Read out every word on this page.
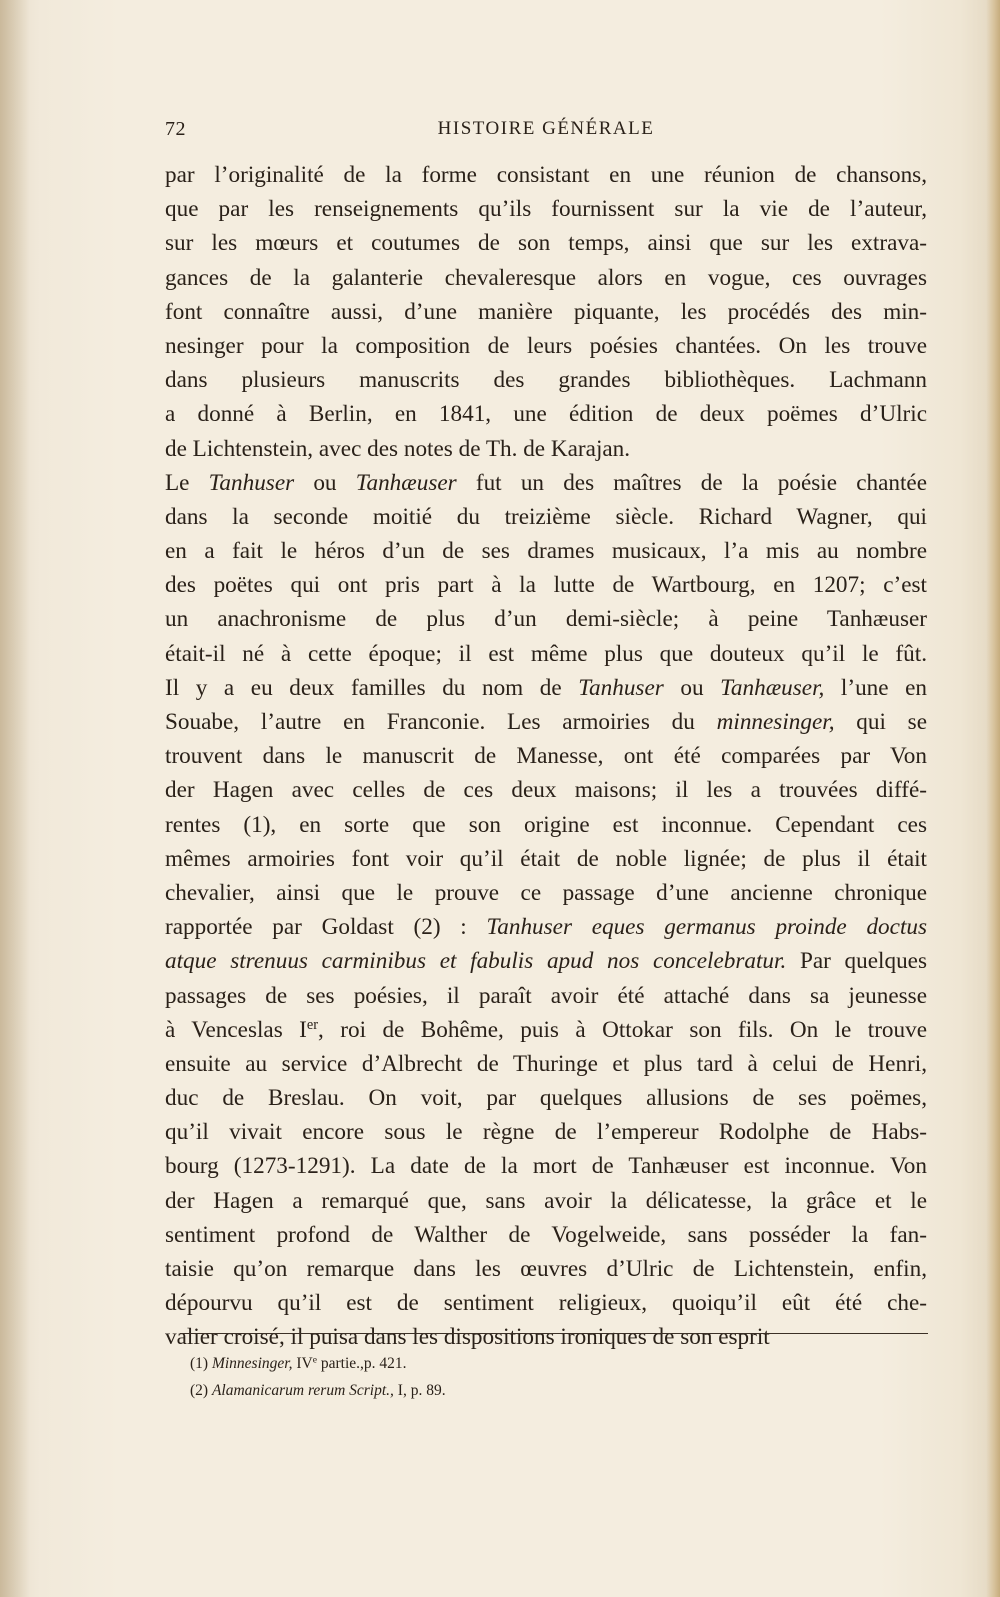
72	HISTOIRE GÉNÉRALE
par l’originalité de la forme consistant en une réunion de chansons,
que par les renseignements qu’ils fournissent sur la vie de l’auteur,
sur les mœurs et coutumes de son temps, ainsi que sur les extrava-
gances de la galanterie chevaleresque alors en vogue, ces ouvrages
font connaître aussi, d’une manière piquante, les procédés des min-
nesinger pour la composition de leurs poésies chantées. On les trouve
dans plusieurs manuscrits des grandes bibliothèques. Lachmann
a donné à Berlin, en 1841, une édition de deux poëmes d’Ulric
de Lichtenstein, avec des notes de Th. de Karajan.
Le Tanhuser ou Tanhæuser fut un des maîtres de la poésie chantée
dans la seconde moitié du treizième siècle. Richard Wagner, qui
en a fait le héros d’un de ses drames musicaux, l’a mis au nombre
des poëtes qui ont pris part à la lutte de Wartbourg, en 1207; c’est
un anachronisme de plus d’un demi-siècle; à peine Tanhæuser
était-il né à cette époque; il est même plus que douteux qu’il le fût.
Il y a eu deux familles du nom de Tanhuser ou Tanhæuser, l’une en
Souabe, l’autre en Franconie. Les armoiries du minnesinger, qui se
trouvent dans le manuscrit de Manesse, ont été comparées par Von
der Hagen avec celles de ces deux maisons; il les a trouvées diffé-
rentes (1), en sorte que son origine est inconnue. Cependant ces
mêmes armoiries font voir qu’il était de noble lignée; de plus il était
chevalier, ainsi que le prouve ce passage d’une ancienne chronique
rapportée par Goldast (2) : Tanhuser eques germanus proinde doctus
atque strenuus carminibus et fabulis apud nos concelebratur. Par quelques
passages de ses poésies, il paraît avoir été attaché dans sa jeunesse
à Venceslas Ier, roi de Bohême, puis à Ottokar son fils. On le trouve
ensuite au service d’Albrecht de Thuringe et plus tard à celui de Henri,
duc de Breslau. On voit, par quelques allusions de ses poëmes,
qu’il vivait encore sous le règne de l’empereur Rodolphe de Habs-
bourg (1273-1291). La date de la mort de Tanhæuser est inconnue. Von
der Hagen a remarqué que, sans avoir la délicatesse, la grâce et le
sentiment profond de Walther de Vogelweide, sans posséder la fan-
taisie qu’on remarque dans les œuvres d’Ulric de Lichtenstein, enfin,
dépourvu qu’il est de sentiment religieux, quoiqu’il eût été che-
valier croisé, il puisa dans les dispositions ironiques de son esprit
(1) Minnesinger, IVe partie.,p. 421.
(2) Alamanicarum rerum Script., I, p. 89.
